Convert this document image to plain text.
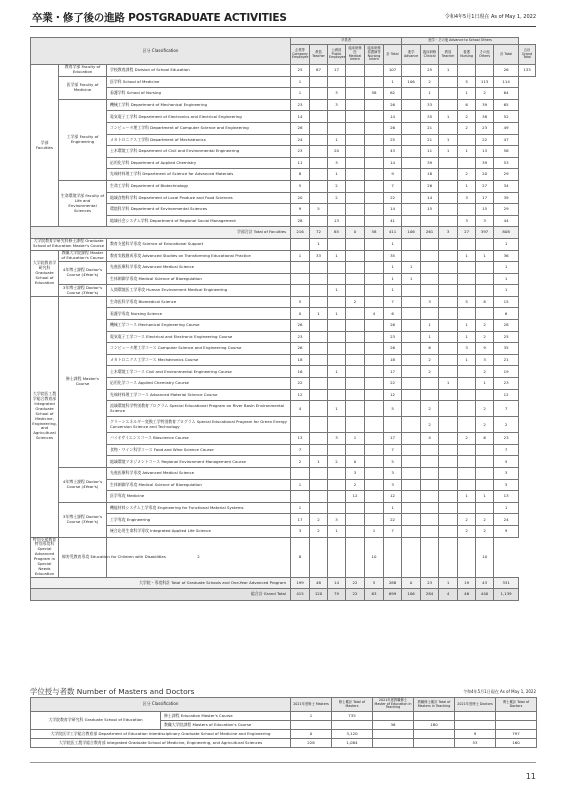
卒業・修了後の進路 POSTGRADUATE ACTIVITIES	令和4年5月1日現在 As of May 1, 2022
区分 Classification			卒業者						進学・その他 Advance to School Others						
			企業等 Company Employee	教員 Teacher	公務員 Public Employee	臨床研修医 Medical Intern	臨床研修看護師等 Nursing Intern	計 Total	進学 Advance	臨床研修 Clinical	教員 Teacher	看護 Nursing	その他 Others	計 Total	合計 Grand Total
学部 Faculties	教育学部 Faculty of Education	学校教育課程 Division of School Education	25	67	17			107		25	1			26	133
	医学部 Faculty of Medicine	医学科 School of Medicine	1					1	106	2		5	113	114	
		看護学科 School of Nursing	1		3		58	62		1		1	2	64	
	工学部 Faculty of Engineering	機械工学科 Department of Mechanical Engineering	23		3			26		33		6	39	65	
		電気電子工学科 Department of Electronics and Electrical Engineering	14					14		35	1	2	38	52	
		コンピュータ理工学科 Department of Computer Science and Engineering	26					26		21		2	23	49	
		メカトロニクス工学科 Department of Mechatronics	24		1			25		21	1		22	47	
		土木環境工学科 Department of Civil and Environmental Engineering	23		20			43		11	1	1	13	56	
		応用化学科 Department of Applied Chemistry	11		3			14		39			39	53	
		先端材料理工学科 Department of Science for Advanced Materials	8		1			9		18		2	20	29	
	生命環境学部 Faculty of Life and Environmental Sciences	生命工学科 Department of Biotechnology	5		2			7		26		1	27	34	
		地域食物科学科 Department of Local Produce and Food Sciences	20		2			22		14		3	17	39	
		環境科学科 Department of Environmental Sciences	9	5				14		15			15	29	
		地域社会システム学科 Department of Regional Social Management	28		13			41				3	3	44	
学部合計 Total of Faculties			216	72	65	0	58	411	106	261	3	27	397	808	
大学院教育学研究科修士課程 Graduate School of Education Master's Course		教育支援科学専攻 Science of Educational Support		1				1						1	
大学院教育学研究科 Graduate School of Education	教職大学院課程 Master of Education's Course	教育実践創成専攻 Advanced Studies on Transforming Educational Practice	1	33	1			35				1	1	36	
	4年博士課程 Doctor's Course (4Year's)	先進医療科学専攻 Advanced Medical Science						1	1					1	
		生体制御学専攻 Medical Science of Bioregulation						1	1					1	
	3年博士課程 Doctor's Course (3Year's)	人間環境医工学専攻 Human Environment Medical Engineering			1			1						1	
大学院医工農学総合教育部 Integrated Graduate School of Medicine, Engineering, and Agricultural Sciences	修士課程 Master's Course	生命医科学専攻 Biomedical Science	5			2		7		3		5	8	15	
		看護学専攻 Nursing Science	0	1	1		4	6						6	
		機械工学コース Mechanical Engineering Course	26					26		1		1	2	28	
		電気電子工学コース Electrical and Electronic Engineering Course	23					23		1		1	2	25	
		コンピュータ理工学コース Computer Science and Engineering Course	26					26		6		3	9	35	
		メカトロニクス工学コース Mechatronics Course	18					18		2		1	3	21	
		土木環境工学コース Civil and Environmental Engineering Course	16		1			17		2			2	19	
		応用化学コース Applied Chemistry Course	22					22			1		1	23	
		先端材料理工学コース Advanced Material Science Course	12					12						12	
		流域環境科学特別教育プログラム Special Educational Program on River Basin Environmental Science	4		1			5		2			2	7	
		グリーンエネルギー変換工学特別教育プログラム Special Educational Program for Green Energy Conversion Science and Technology								2			2	2	
		バイオサイエンスコース Bioscience Course	13		3	1		17		4		2	6	23	
		食物・ワイン科学コース Food and Wine Science Course	7					7						7	
		地域環境マネジメントコース Regional Environment Management Course	2	1	2	0		5						5	
	4年博士課程 Doctor's Course (4Year's)	先進医療科学専攻 Advanced Medical Science				3		3						3	
		生体制御学専攻 Medical Science of Bioregulation	1			2		3						3	
		医学専攻 Medicine				12		12				1	1	13	
	3年博士課程 Doctor's Course (3Year's)	機能材料システム工学専攻 Engineering for Functional Material Systems	1					1						1	
		工学専攻 Engineering	17	2	3			22				2	2	24	
		統合応用生命科学専攻 Integrated Applied Life Science	3	2	1		1	7				2	2	9	
特別支援教育特別専攻科 Special Advanced Program in Special Needs Education	障害児教育専攻 Education for Children with Disabilities	2	8				10						10		
大学院・専攻科計 Total of Graduate Schools and One-Year Advanced Program			199	48	14	22	5	288	0	23	1	19	43	331	
総合計 Grand Total			415	120	79	22	63	699	106	284	4	46	440	1,139	
学位授与者数 Number of Masters and Doctors	令和4年5月1日現在 As of May 1, 2022
区分 Classification		2021年度修士 Masters	修士累計 Total of Masters	2021年度教職修士 Master of Education in Teaching	教職修士累計 Total of Masters in Teaching	2021年度博士 Doctors	博士累計 Total of Doctors
大学院教育学研究科 Graduate School of Education	修士課程 Education Master's Course	1	735				
	教職大学院課程 Masters of Education's Course			36	180		
大学院医学工学総合教育部 Department of Education Interdisciplinary Graduate School of Medicine and Engineering		0	3,120			9	797
大学院医工農学総合教育部 Integrated Graduate School of Medicine, Engineering, and Agricultural Sciences		228	1,084			53	160
11
